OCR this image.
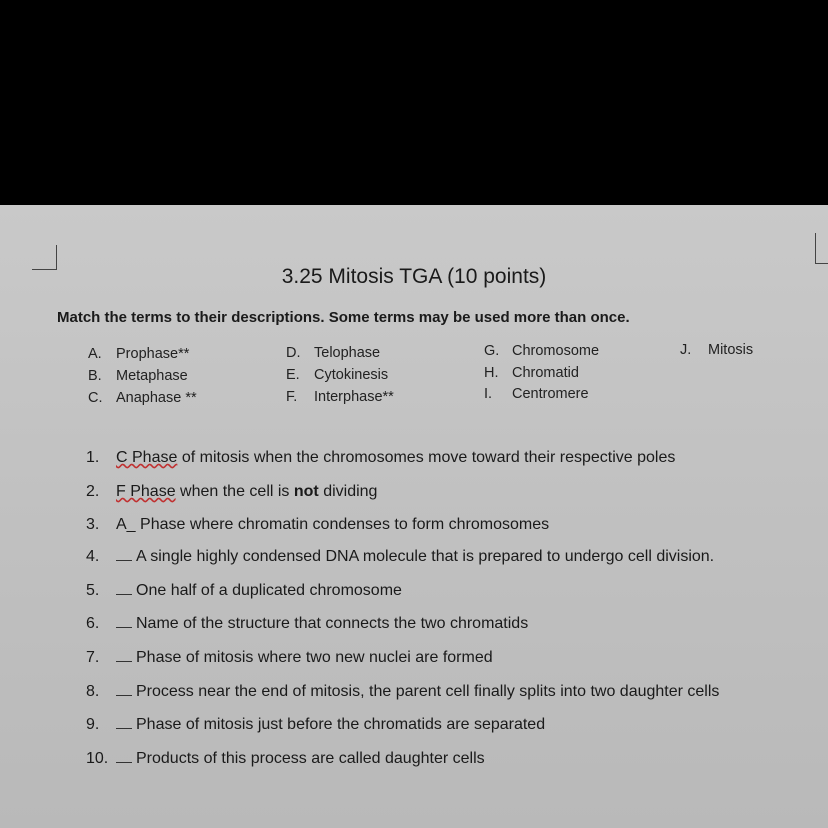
3.25 Mitosis TGA (10 points)
Match the terms to their descriptions. Some terms may be used more than once.
A. Prophase**
B. Metaphase
C. Anaphase **
D. Telophase
E. Cytokinesis
F. Interphase**
G. Chromosome
H. Chromatid
I. Centromere
J. Mitosis
1. C Phase of mitosis when the chromosomes move toward their respective poles
2. F Phase when the cell is not dividing
3. A_ Phase where chromatin condenses to form chromosomes
4. A single highly condensed DNA molecule that is prepared to undergo cell division.
5. One half of a duplicated chromosome
6. Name of the structure that connects the two chromatids
7. Phase of mitosis where two new nuclei are formed
8. Process near the end of mitosis, the parent cell finally splits into two daughter cells
9. Phase of mitosis just before the chromatids are separated
10. Products of this process are called daughter cells
